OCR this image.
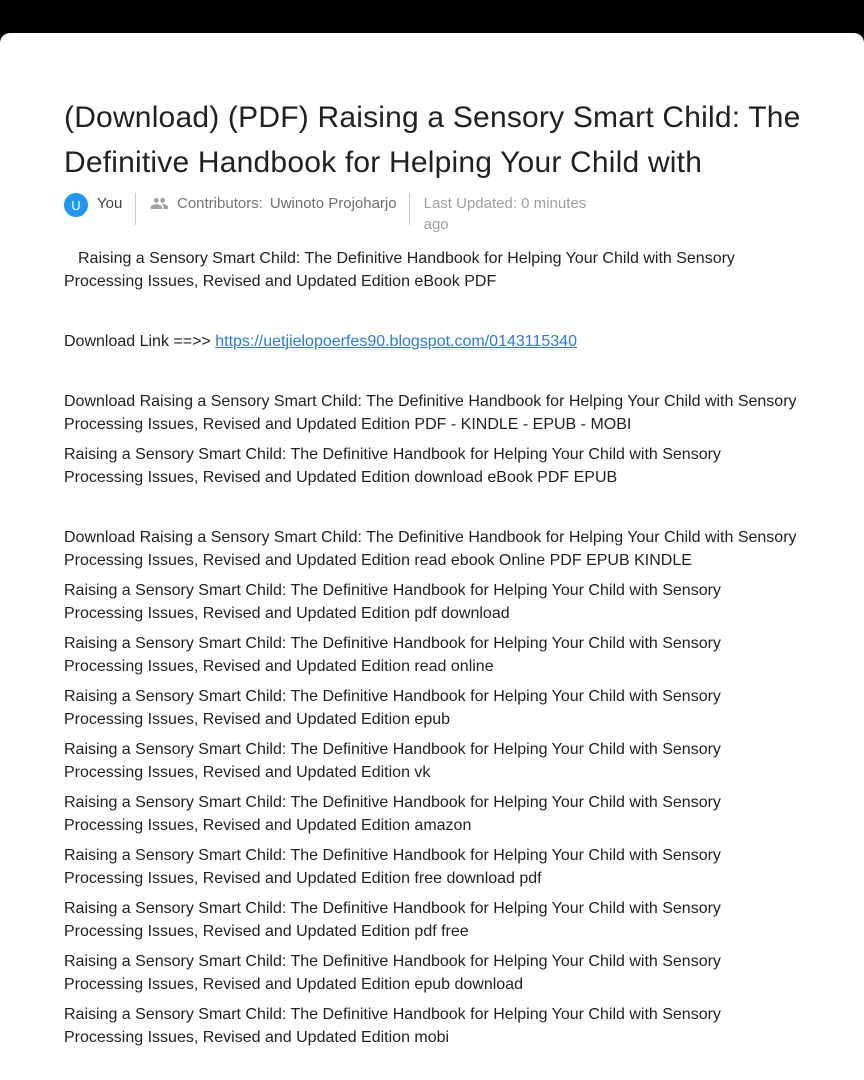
(Download) (PDF) Raising a Sensory Smart Child: The Definitive Handbook for Helping Your Child with
U You	Contributors: Uwinoto Projoharjo Last Updated: 0 minutes ago

Raising a Sensory Smart Child: The Definitive Handbook for Helping Your Child with Sensory Processing Issues, Revised and Updated Edition eBook PDF

Download Link ==>> https://uetjielopoerfes90.blogspot.com/0143115340

Download Raising a Sensory Smart Child: The Definitive Handbook for Helping Your Child with Sensory Processing Issues, Revised and Updated Edition PDF - KINDLE - EPUB - MOBI

Raising a Sensory Smart Child: The Definitive Handbook for Helping Your Child with Sensory Processing Issues, Revised and Updated Edition download eBook PDF EPUB

Download Raising a Sensory Smart Child: The Definitive Handbook for Helping Your Child with Sensory Processing Issues, Revised and Updated Edition read ebook Online PDF EPUB KINDLE

Raising a Sensory Smart Child: The Definitive Handbook for Helping Your Child with Sensory Processing Issues, Revised and Updated Edition pdf download

Raising a Sensory Smart Child: The Definitive Handbook for Helping Your Child with Sensory Processing Issues, Revised and Updated Edition read online

Raising a Sensory Smart Child: The Definitive Handbook for Helping Your Child with Sensory Processing Issues, Revised and Updated Edition epub

Raising a Sensory Smart Child: The Definitive Handbook for Helping Your Child with Sensory Processing Issues, Revised and Updated Edition vk

Raising a Sensory Smart Child: The Definitive Handbook for Helping Your Child with Sensory Processing Issues, Revised and Updated Edition amazon

Raising a Sensory Smart Child: The Definitive Handbook for Helping Your Child with Sensory Processing Issues, Revised and Updated Edition free download pdf

Raising a Sensory Smart Child: The Definitive Handbook for Helping Your Child with Sensory Processing Issues, Revised and Updated Edition pdf free

Raising a Sensory Smart Child: The Definitive Handbook for Helping Your Child with Sensory Processing Issues, Revised and Updated Edition epub download

Raising a Sensory Smart Child: The Definitive Handbook for Helping Your Child with Sensory Processing Issues, Revised and Updated Edition mobi
